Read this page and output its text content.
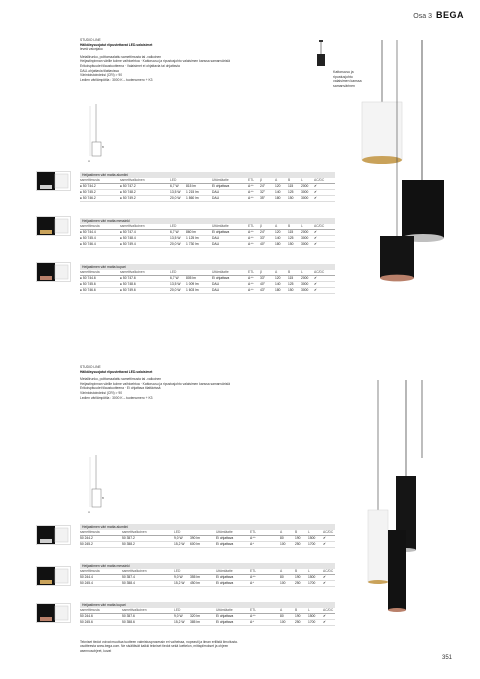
Osa 3 BEGA

STUDIO LINE

Häikäisysuojatut riipustettavat LED-valaisimet

leveä valonjako

Metallirunko, polttomaalattu samettimusta tai -valkoinen

Heijastinpinnan värille kolme vaihtoehtoa · Kattoruusu ja ripustusjohto valaisimen kanssa samanvärisiä

Erikoispituudet tilaustuotteena · Valaisimet ei ohjattavia tai ohjattavia

DALI-ohjattavia tilattavissa

Värintoistoindeksi (CRI) > 90

Ledien värilämpötila : 3000 K – tuotenumero + K3

Kattoruusu ja
ripustusjohto
valaisimen kanssa
samanvärinen
B
A
Heijastimen väri matta alumiini
samettimusta	samettivalkoinen	LED	Uitämläatte	ETL	β	A	B	L	AC/DC
● 50 744.2	● 50 747.2	6,7 W	815 lm	Ei ohjattava	A⁺⁺	24°	120	115	2000	✔
● 50 745.2	● 50 748.2	13,5 W	1 215 lm	DALI	A⁺⁺	32°	140	125	3000	✔
● 50 746.2	● 50 749.2	20,0 W	1 860 lm	DALI	A⁺⁺	35°	180	150	3000	✔
Heijastimen väri matta messinki
samettimusta	samettivalkoinen	LED	Uitämläatte	ETL	β	A	B	L	AC/DC
● 50 744.4	● 50 747.4	6,7 W	860 lm	Ei ohjattava	A⁺⁺	24°	120	115	2000	✔
● 50 745.4	● 50 748.4	13,5 W	1 125 lm	DALI	A⁺⁺	33°	140	125	3000	✔
● 50 746.4	● 50 749.4	20,0 W	1 730 lm	DALI	A⁺⁺	40°	180	150	3000	✔
Heijastimen väri matta kupari
samettimusta	samettivalkoinen	LED	Uitämläatte	ETL	β	A	B	L	AC/DC
● 50 744.6	● 50 747.6	6,7 W	805 lm	Ei ohjattava	A⁺⁺	33°	120	115	2000	✔
● 50 745.6	● 50 748.6	13,5 W	1 009 lm	DALI	A⁺⁺	40°	140	125	3000	✔
● 50 746.6	● 50 749.6	20,0 W	1 603 lm	DALI	A⁺⁺	43°	180	150	3000	✔

STUDIO LINE

Häikäisysuojatut riipustettavat LED-valaisimet

Metallirunko, polttomaalattu samettimusta tai -valkoinen

Heijastinpinnan värille kolme vaihtoehtoa · Kattoruusu ja ripustusjohto valaisimen kanssa samanvärisiä

Erikoispituudet tilaustuotteena · Ei ohjattava tilattävissä

Värintoistoindeksi (CRI) > 90

Ledien värilämpötila : 3000 K – tuotenumero + K3

B
A
Heijastimen väri matta alumiini
samettimusta	samettivalkoinen	LED	Uitämläatte	ETL	A	B	L	AC/DC
50 244.2	50 357.2	9,0 W	390 lm	Ei ohjattava	A⁺⁺	80	190	1500	✔
50 245.2	50 358.2	15,2 W	600 lm	Ei ohjattava	A⁺	100	250	1700	✔
Heijastimen väri matta messinki
samettimusta	samettivalkoinen	LED	Uitämläatte	ETL	A	B	L	AC/DC
50 244.4	50 357.4	9,0 W	355 lm	Ei ohjattava	A⁺⁺	80	190	1500	✔
50 245.4	50 358.4	15,2 W	450 lm	Ei ohjattava	A⁺	100	250	1700	✔
Heijastimen väri matta kupari
samettimusta	samettivalkoinen	LED	Uitämläatte	ETL	A	B	L	AC/DC
50 244.6	50 357.6	9,0 W	320 lm	Ei ohjattava	A⁺⁺	80	190	1500	✔
50 245.6	50 358.6	15,2 W	385 lm	Ei ohjattava	A⁺	100	250	1700	✔
Tekniset tiedot voivat muuttua tuotteen valmistusprosessin eri vaiheissa, nopeasti ja ilman erillistä ilmoitusta.
osoitteesta www.bega.com. Ne sisältävät kaikki tekniset tiedot sekä luettelon, mittapiirrokset ja ohjeen
asennusohjeet, kuvat
351
